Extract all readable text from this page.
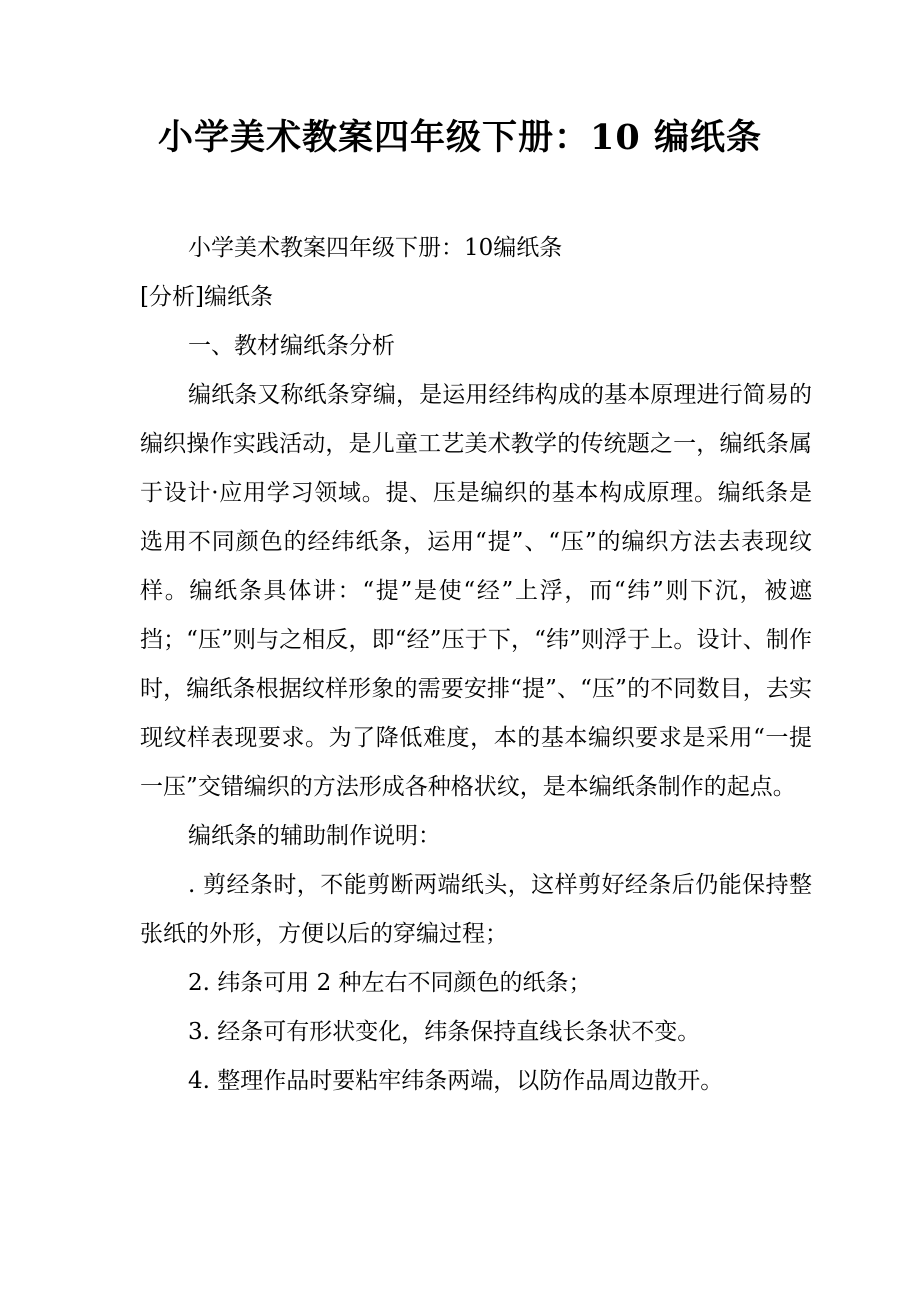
小学美术教案四年级下册：10 编纸条

小学美术教案四年级下册：10编纸条

[分析]编纸条

一、教材编纸条分析

编纸条又称纸条穿编，是运用经纬构成的基本原理进行简易的编织操作实践活动，是儿童工艺美术教学的传统题之一，编纸条属于设计·应用学习领域。提、压是编织的基本构成原理。编纸条是选用不同颜色的经纬纸条，运用“提”、“压”的编织方法去表现纹样。编纸条具体讲：“提”是使“经”上浮，而“纬”则下沉，被遮挡；“压”则与之相反，即“经”压于下，“纬”则浮于上。设计、制作时，编纸条根据纹样形象的需要安排“提”、“压”的不同数目，去实现纹样表现要求。为了降低难度，本的基本编织要求是采用“一提一压”交错编织的方法形成各种格状纹，是本编纸条制作的起点。

编纸条的辅助制作说明：

. 剪经条时，不能剪断两端纸头，这样剪好经条后仍能保持整张纸的外形，方便以后的穿编过程；

2. 纬条可用 2 种左右不同颜色的纸条；

3. 经条可有形状变化，纬条保持直线长条状不变。

4. 整理作品时要粘牢纬条两端，以防作品周边散开。
